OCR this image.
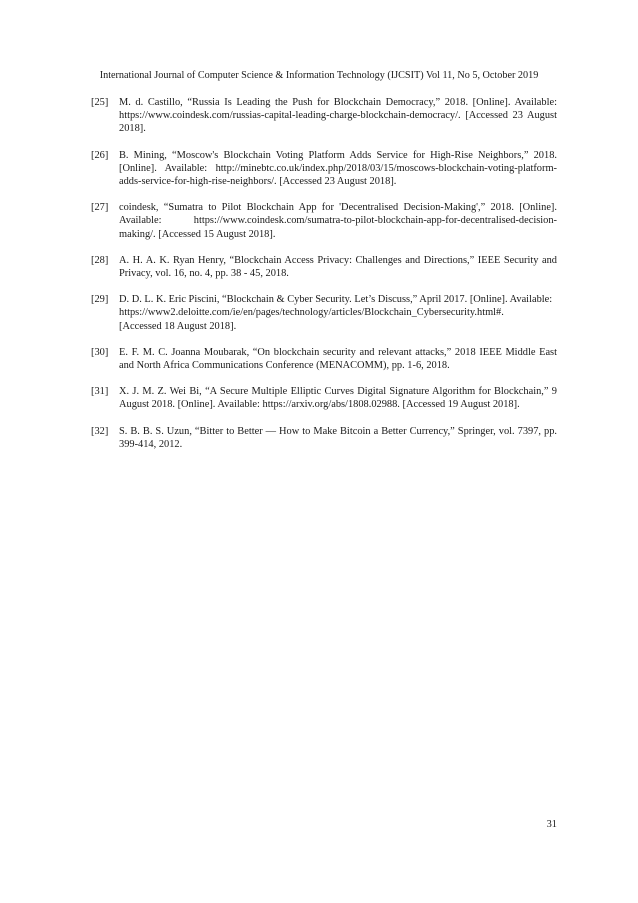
International Journal of Computer Science & Information Technology (IJCSIT) Vol 11, No 5, October 2019
[25]	M. d. Castillo, “Russia Is Leading the Push for Blockchain Democracy,” 2018. [Online]. Available: https://www.coindesk.com/russias-capital-leading-charge-blockchain-democracy/. [Accessed 23 August 2018].
[26]	B. Mining, “Moscow's Blockchain Voting Platform Adds Service for High-Rise Neighbors,” 2018. [Online]. Available: http://minebtc.co.uk/index.php/2018/03/15/moscows-blockchain-voting-platform-adds-service-for-high-rise-neighbors/. [Accessed 23 August 2018].
[27]	coindesk, “Sumatra to Pilot Blockchain App for 'Decentralised Decision-Making',” 2018. [Online]. Available: https://www.coindesk.com/sumatra-to-pilot-blockchain-app-for-decentralised-decision-making/. [Accessed 15 August 2018].
[28]	A. H. A. K. Ryan Henry, “Blockchain Access Privacy: Challenges and Directions,” IEEE Security and Privacy, vol. 16, no. 4, pp. 38 - 45, 2018.
[29]	D. D. L. K. Eric Piscini, “Blockchain & Cyber Security. Let’s Discuss,” April 2017. [Online]. Available:
https://www2.deloitte.com/ie/en/pages/technology/articles/Blockchain_Cybersecurity.html#.
[Accessed 18 August 2018].
[30]	E. F. M. C. Joanna Moubarak, “On blockchain security and relevant attacks,” 2018 IEEE Middle East and North Africa Communications Conference (MENACOMM), pp. 1-6, 2018.
[31]	X. J. M. Z. Wei Bi, “A Secure Multiple Elliptic Curves Digital Signature Algorithm for Blockchain,” 9 August 2018. [Online]. Available: https://arxiv.org/abs/1808.02988. [Accessed 19 August 2018].
[32]	S. B. B. S. Uzun, “Bitter to Better — How to Make Bitcoin a Better Currency,” Springer, vol. 7397, pp. 399-414, 2012.
31
